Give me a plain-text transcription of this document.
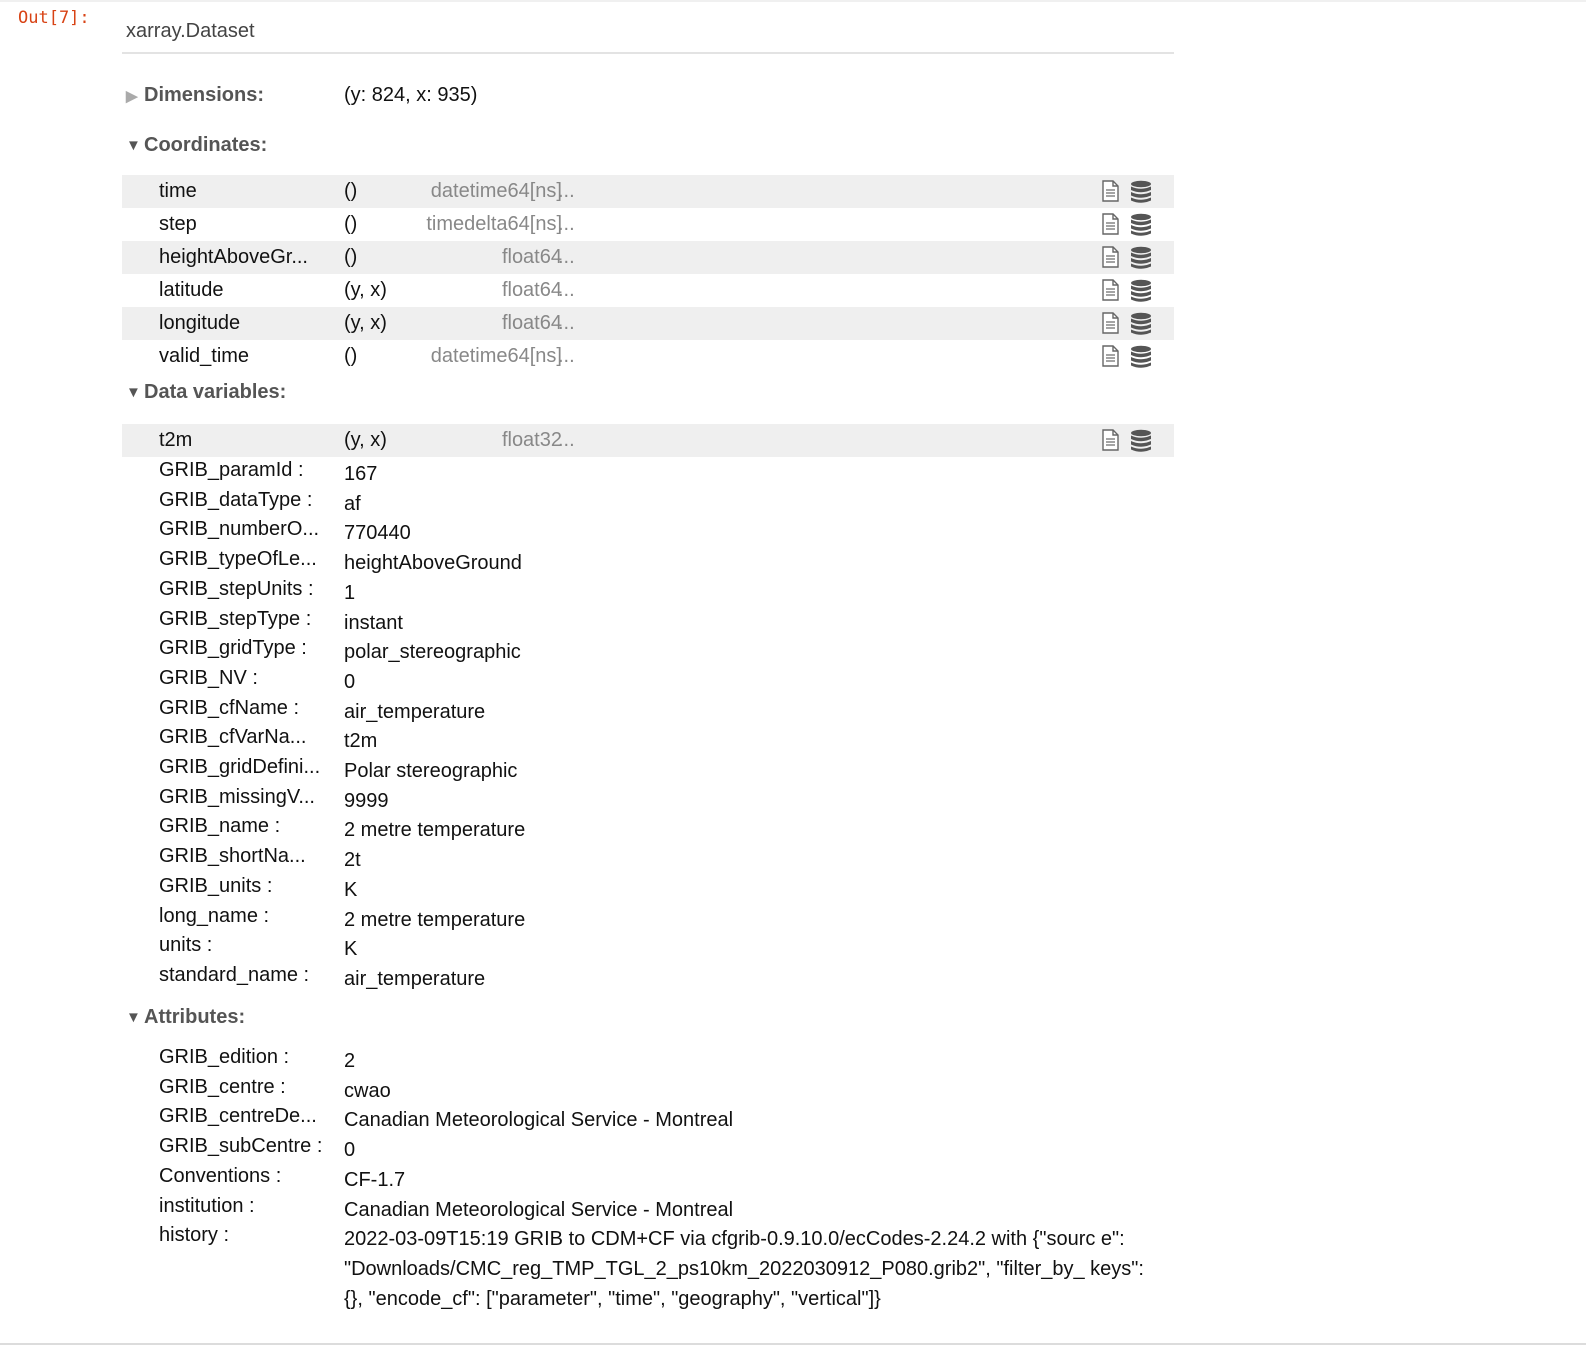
Out[7]:
xarray.Dataset
▶ Dimensions:	(y: 824, x: 935)
▼ Coordinates:
time	()	datetime64[ns]
...
step	()	timedelta64[ns]
...
heightAboveGr... ()	float64
...
latitude	(y, x)	float64
...
longitude	(y, x)	float64
...
valid_time	()	datetime64[ns]
...
▼ Data variables:
t2m	(y, x)	float32
...
GRIB_paramId :	167
GRIB_dataType :	af
GRIB_numberO...	770440
GRIB_typeOfLe...	heightAboveGround
GRIB_stepUnits :	1
GRIB_stepType :	instant
GRIB_gridType :	polar_stereographic
GRIB_NV :	0
GRIB_cfName :	air_temperature
GRIB_cfVarNa...	t2m
GRIB_gridDefini...	Polar stereographic
GRIB_missingV...	9999
GRIB_name :	2 metre temperature
GRIB_shortNa...	2t
GRIB_units :	K
long_name :	2 metre temperature
units :	K
standard_name :	air_temperature
▼ Attributes:
GRIB_edition :	2
GRIB_centre :	cwao
GRIB_centreDe...	Canadian Meteorological Service - Montreal
GRIB_subCentre :	0
Conventions :	CF-1.7
institution :	Canadian Meteorological Service - Montreal
history :	2022-03-09T15:19 GRIB to CDM+CF via cfgrib-0.9.10.0/ecCodes-2.24.2 with {"sourc e": "Downloads/CMC_reg_TMP_TGL_2_ps10km_2022030912_P080.grib2", "filter_by_ keys": {}, "encode_cf": ["parameter", "time", "geography", "vertical"]}
